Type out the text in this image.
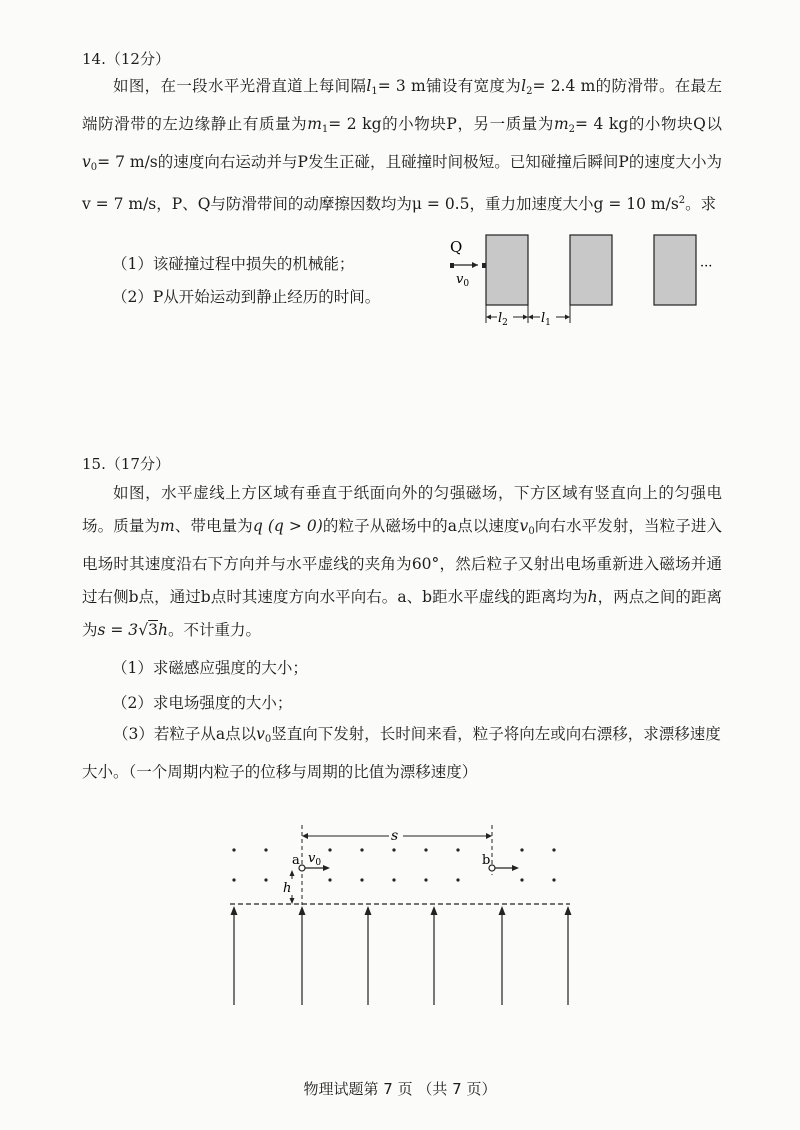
14.（12分）

如图，在一段水平光滑直道上每间隔$l_1= 3$ m铺设有宽度为$l_2= 2.4$ m的防滑带。在最左端防滑带的左边缘静止有质量为$m_1= 2$ kg的小物块P，另一质量为$m_2= 4$ kg的小物块Q以$v_0= 7$ m/s的速度向右运动并与P发生正碰，且碰撞时间极短。已知碰撞后瞬间P的速度大小为v = 7 m/s，P、Q与防滑带间的动摩擦因数均为μ = 0.5，重力加速度大小g = 10 $m/s^2$。求

（1）该碰撞过程中损失的机械能；

（2）P从开始运动到静止经历的时间。

Q
$v_0$
···
$l_2$	$l_1$
15.（17分）

如图，水平虚线上方区域有垂直于纸面向外的匀强磁场，下方区域有竖直向上的匀强电场。质量为m、带电量为q (q > 0)的粒子从磁场中的a点以速度$v_0$向右水平发射，当粒子进入电场时其速度沿右下方向并与水平虚线的夹角为60°，然后粒子又射出电场重新进入磁场并通过右侧b点，通过b点时其速度方向水平向右。a、b距水平虚线的距离均为h，两点之间的距离为s = 3√3h。不计重力。

（1）求磁感应强度的大小；

（2）求电场强度的大小；

（3）若粒子从a点以$v_0$竖直向下发射，长时间来看，粒子将向左或向右漂移，求漂移速度大小。（一个周期内粒子的位移与周期的比值为漂移速度）

s
a $v_0$	b
h
物理试题第 7 页 （共 7 页）
